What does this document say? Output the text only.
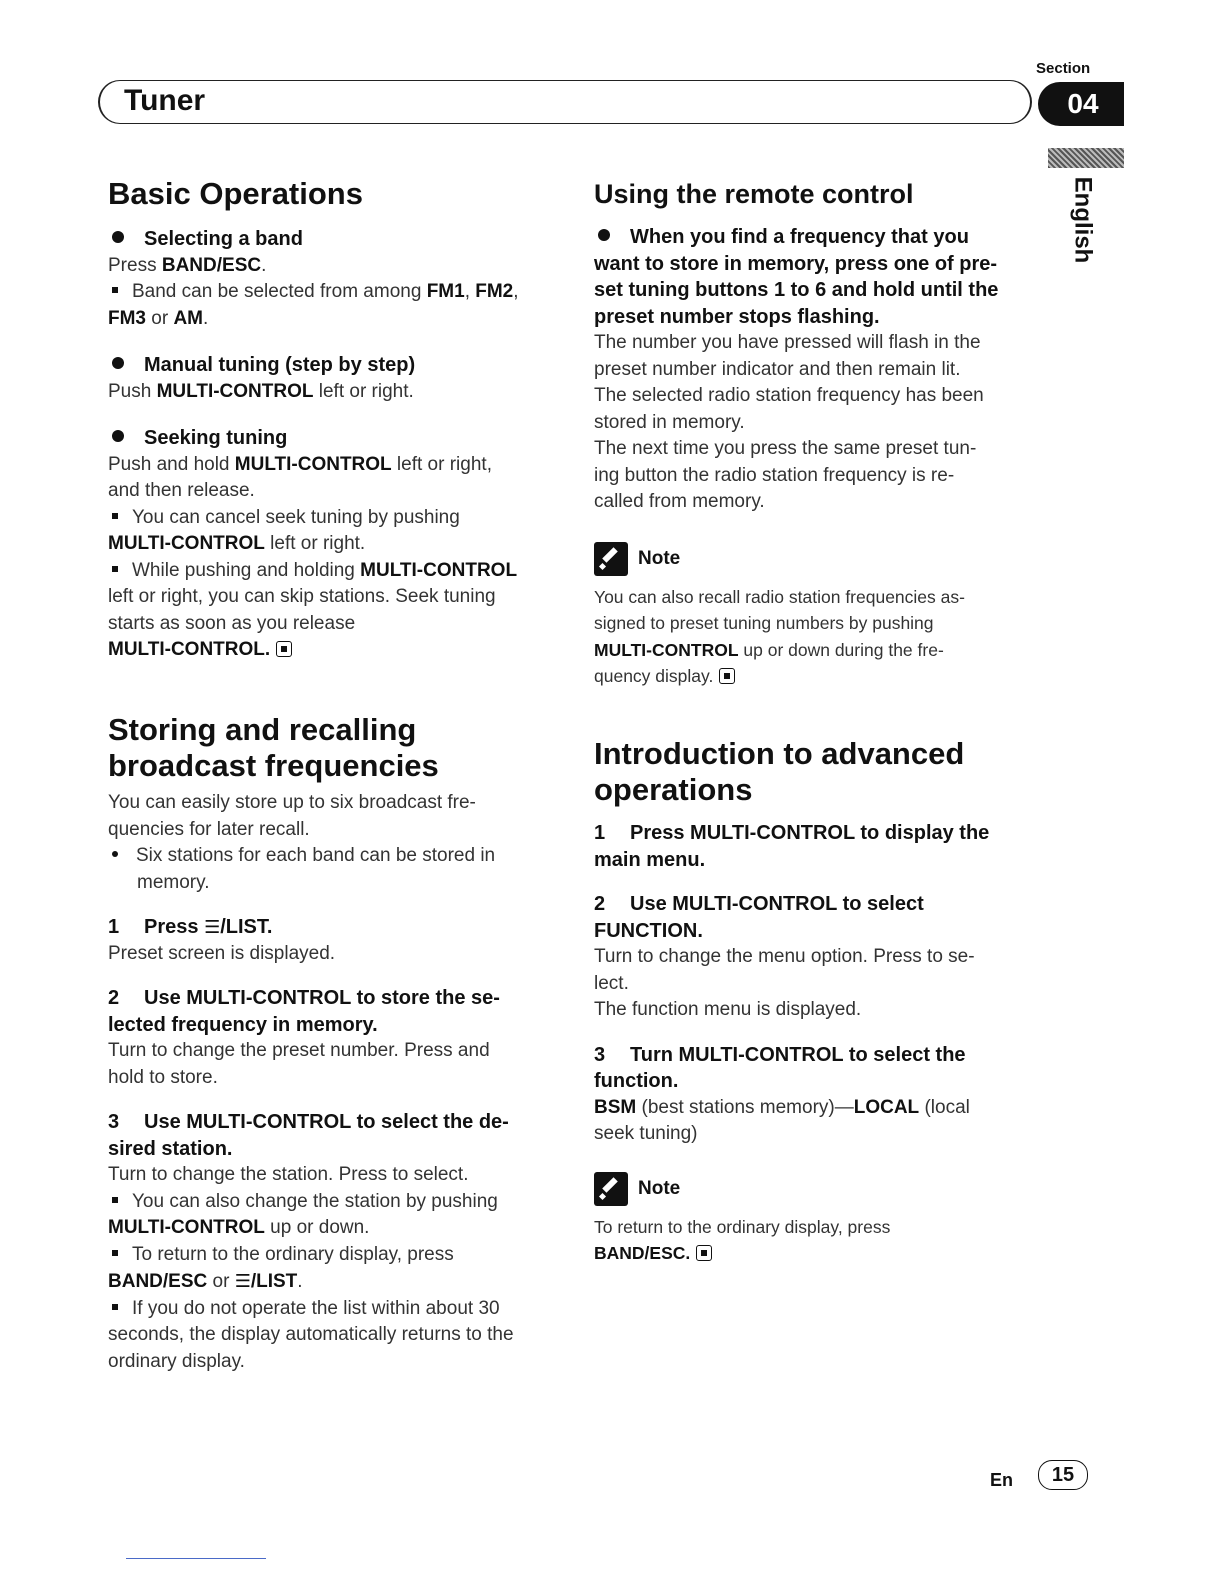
Section
Tuner	04
English
Basic Operations
Selecting a band

Press BAND/ESC.

Band can be selected from among FM1, FM2,

FM3 or AM.

Manual tuning (step by step)

Push MULTI-CONTROL left or right.

Seeking tuning

Push and hold MULTI-CONTROL left or right,

and then release.

You can cancel seek tuning by pushing

MULTI-CONTROL left or right.

While pushing and holding MULTI-CONTROL

left or right, you can skip stations. Seek tuning

starts as soon as you release

MULTI-CONTROL.

Storing and recalling
broadcast frequencies

You can easily store up to six broadcast fre-

quencies for later recall.

Six stations for each band can be stored in

memory.

1 Press ☰/LIST.

Preset screen is displayed.

2 Use MULTI-CONTROL to store the se-
lected frequency in memory.

Turn to change the preset number. Press and

hold to store.

3 Use MULTI-CONTROL to select the de-
sired station.

Turn to change the station. Press to select.

You can also change the station by pushing

MULTI-CONTROL up or down.

To return to the ordinary display, press

BAND/ESC or ☰/LIST.

If you do not operate the list within about 30

seconds, the display automatically returns to the

ordinary display.

Using the remote control
When you find a frequency that you
want to store in memory, press one of pre-
set tuning buttons 1 to 6 and hold until the
preset number stops flashing.

The number you have pressed will flash in the

preset number indicator and then remain lit.

The selected radio station frequency has been

stored in memory.

The next time you press the same preset tun-

ing button the radio station frequency is re-

called from memory.

Note

You can also recall radio station frequencies as-

signed to preset tuning numbers by pushing

MULTI-CONTROL up or down during the fre-

quency display.

Introduction to advanced
operations
1 Press MULTI-CONTROL to display the
main menu.
2 Use MULTI-CONTROL to select
FUNCTION.

Turn to change the menu option. Press to se-

lect.

The function menu is displayed.

3 Turn MULTI-CONTROL to select the
function.

BSM (best stations memory)—LOCAL (local

seek tuning)

Note

To return to the ordinary display, press

BAND/ESC.

En	15
